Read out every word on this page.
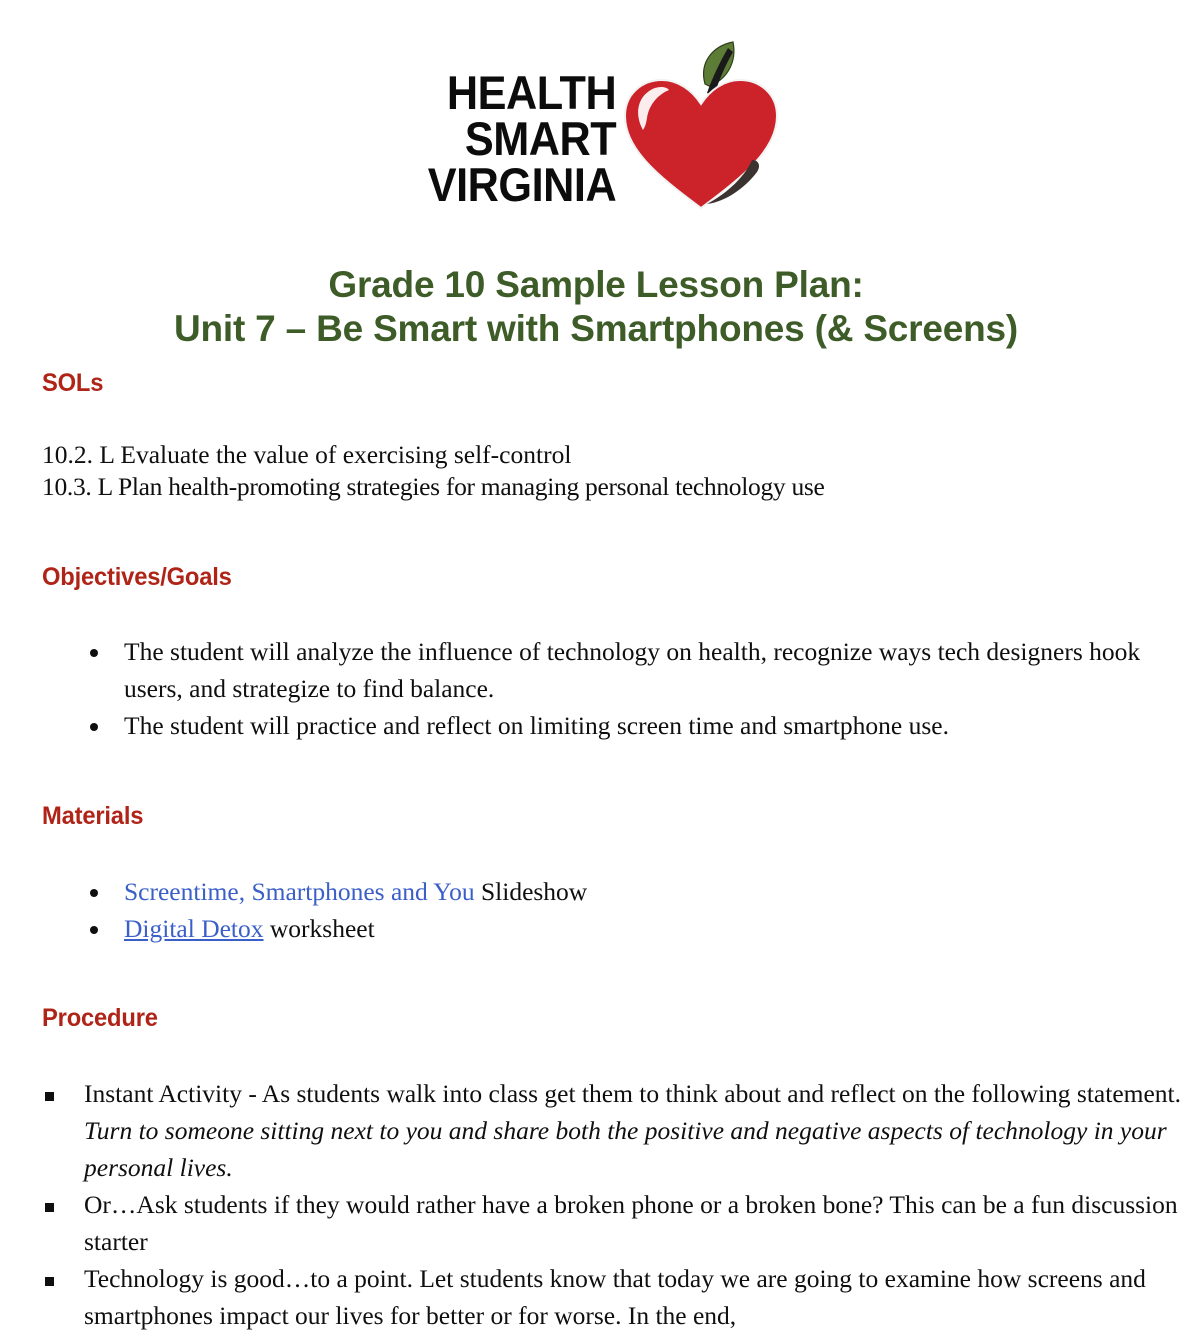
HEALTH
SMART
VIRGINIA
Grade 10 Sample Lesson Plan:
Unit 7 – Be Smart with Smartphones (& Screens)
SOLs
10.2. L Evaluate the value of exercising self-control
10.3. L Plan health-promoting strategies for managing personal technology use
Objectives/Goals
The student will analyze the influence of technology on health, recognize ways tech designers hook users, and strategize to find balance.
The student will practice and reflect on limiting screen time and smartphone use.
Materials
Screentime, Smartphones and You Slideshow
Digital Detox worksheet
Procedure
Instant Activity - As students walk into class get them to think about and reflect on the following statement. Turn to someone sitting next to you and share both the positive and negative aspects of technology in your personal lives.
Or…Ask students if they would rather have a broken phone or a broken bone? This can be a fun discussion starter
Technology is good…to a point. Let students know that today we are going to examine how screens and smartphones impact our lives for better or for worse. In the end,
